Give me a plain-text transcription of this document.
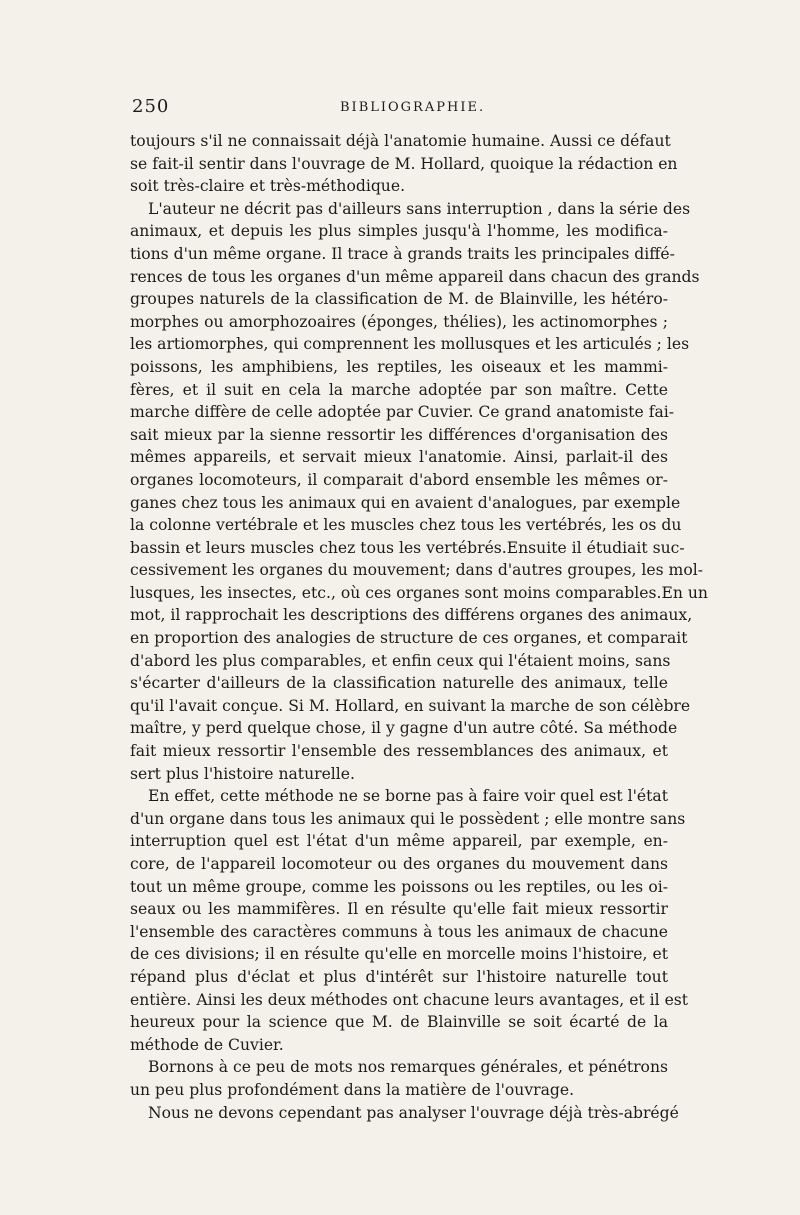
250	BIBLIOGRAPHIE.
toujours s'il ne connaissait déjà l'anatomie humaine. Aussi ce défaut
se fait-il sentir dans l'ouvrage de M. Hollard, quoique la rédaction en
soit très-claire et très-méthodique.
L'auteur ne décrit pas d'ailleurs sans interruption , dans la série des
animaux, et depuis les plus simples jusqu'à l'homme, les modifica-
tions d'un même organe. Il trace à grands traits les principales diffé-
rences de tous les organes d'un même appareil dans chacun des grands
groupes naturels de la classification de M. de Blainville, les hétéro-
morphes ou amorphozoaires (éponges, thélies), les actinomorphes ;
les artiomorphes, qui comprennent les mollusques et les articulés ; les
poissons, les amphibiens, les reptiles, les oiseaux et les mammi-
fères, et il suit en cela la marche adoptée par son maître. Cette
marche diffère de celle adoptée par Cuvier. Ce grand anatomiste fai-
sait mieux par la sienne ressortir les différences d'organisation des
mêmes appareils, et servait mieux l'anatomie. Ainsi, parlait-il des
organes locomoteurs, il comparait d'abord ensemble les mêmes or-
ganes chez tous les animaux qui en avaient d'analogues, par exemple
la colonne vertébrale et les muscles chez tous les vertébrés, les os du
bassin et leurs muscles chez tous les vertébrés.Ensuite il étudiait suc-
cessivement les organes du mouvement; dans d'autres groupes, les mol-
lusques, les insectes, etc., où ces organes sont moins comparables.En un
mot, il rapprochait les descriptions des différens organes des animaux,
en proportion des analogies de structure de ces organes, et comparait
d'abord les plus comparables, et enfin ceux qui l'étaient moins, sans
s'écarter d'ailleurs de la classification naturelle des animaux, telle
qu'il l'avait conçue. Si M. Hollard, en suivant la marche de son célèbre
maître, y perd quelque chose, il y gagne d'un autre côté. Sa méthode
fait mieux ressortir l'ensemble des ressemblances des animaux, et
sert plus l'histoire naturelle.
En effet, cette méthode ne se borne pas à faire voir quel est l'état
d'un organe dans tous les animaux qui le possèdent ; elle montre sans
interruption quel est l'état d'un même appareil, par exemple, en-
core, de l'appareil locomoteur ou des organes du mouvement dans
tout un même groupe, comme les poissons ou les reptiles, ou les oi-
seaux ou les mammifères. Il en résulte qu'elle fait mieux ressortir
l'ensemble des caractères communs à tous les animaux de chacune
de ces divisions; il en résulte qu'elle en morcelle moins l'histoire, et
répand plus d'éclat et plus d'intérêt sur l'histoire naturelle tout
entière. Ainsi les deux méthodes ont chacune leurs avantages, et il est
heureux pour la science que M. de Blainville se soit écarté de la
méthode de Cuvier.
Bornons à ce peu de mots nos remarques générales, et pénétrons
un peu plus profondément dans la matière de l'ouvrage.
Nous ne devons cependant pas analyser l'ouvrage déjà très-abrégé
